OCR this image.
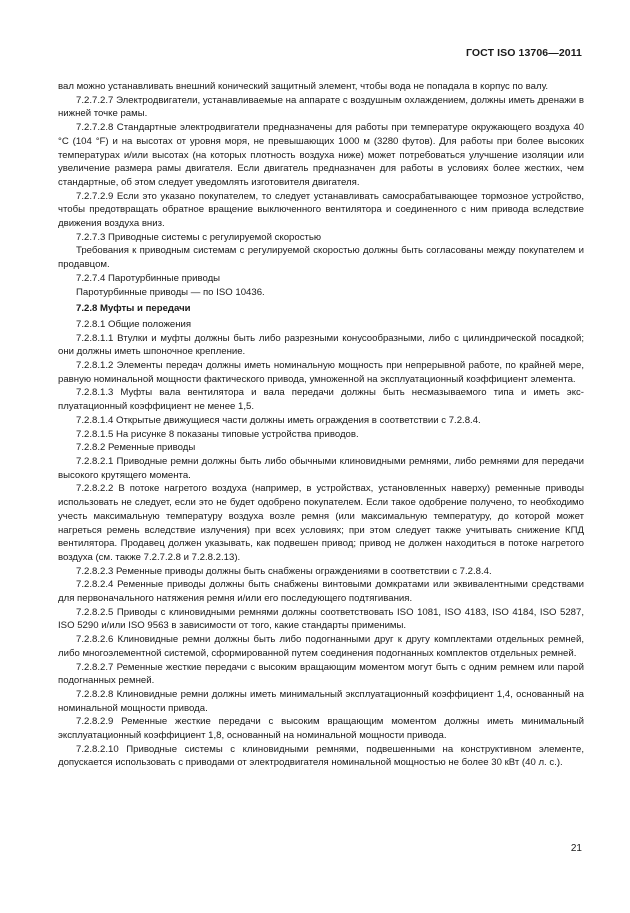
ГОСТ ISO 13706—2011

вал можно устанавливать внешний конический защитный элемент, чтобы вода не попадала в корпус по валу.

7.2.7.2.7 Электродвигатели, устанавливаемые на аппарате с воздушным охлаждением, должны иметь дренажи в нижней точке рамы.

7.2.7.2.8 Стандартные электродвигатели предназначены для работы при температуре окружающего воздуха 40 °С (104 °F) и на высотах от уровня моря, не превышающих 1000 м (3280 футов). Для работы при более высоких температурах и/или высотах (на которых плотность воздуха ниже) может потребоваться улучшение изоляции или увеличение размера рамы двигателя. Если двигатель предназначен для работы в условиях более жестких, чем стандартные, об этом следует уведомлять изготовителя двигателя.

7.2.7.2.9 Если это указано покупателем, то следует устанавливать самосрабатывающее тормозное устройство, чтобы предотвращать обратное вращение выключенного вентилятора и соединенного с ним привода вследствие движения воздуха вниз.

7.2.7.3 Приводные системы с регулируемой скоростью

Требования к приводным системам с регулируемой скоростью должны быть согласованы между покупателем и продавцом.

7.2.7.4 Паротурбинные приводы

Паротурбинные приводы — по ISO 10436.

7.2.8 Муфты и передачи

7.2.8.1 Общие положения

7.2.8.1.1 Втулки и муфты должны быть либо разрезными конусообразными, либо с цилиндрической посадкой; они должны иметь шпоночное крепление.

7.2.8.1.2 Элементы передач должны иметь номинальную мощность при непрерывной работе, по крайней мере, равную номинальной мощности фактического привода, умноженной на эксплуатационный коэффициент элемента.

7.2.8.1.3 Муфты вала вентилятора и вала передачи должны быть несмазываемого типа и иметь эксплуатационный коэффициент не менее 1,5.

7.2.8.1.4 Открытые движущиеся части должны иметь ограждения в соответствии с 7.2.8.4.

7.2.8.1.5 На рисунке 8 показаны типовые устройства приводов.

7.2.8.2 Ременные приводы

7.2.8.2.1 Приводные ремни должны быть либо обычными клиновидными ремнями, либо ремнями для передачи высокого крутящего момента.

7.2.8.2.2 В потоке нагретого воздуха (например, в устройствах, установленных наверху) ременные приводы использовать не следует, если это не будет одобрено покупателем. Если такое одобрение получено, то необходимо учесть максимальную температуру воздуха возле ремня (или максимальную температуру, до которой может нагреться ремень вследствие излучения) при всех условиях; при этом следует также учитывать снижение КПД вентилятора. Продавец должен указывать, как подвешен привод; привод не должен находиться в потоке нагретого воздуха (см. также 7.2.7.2.8 и 7.2.8.2.13).

7.2.8.2.3 Ременные приводы должны быть снабжены ограждениями в соответствии с 7.2.8.4.

7.2.8.2.4 Ременные приводы должны быть снабжены винтовыми домкратами или эквивалентными средствами для первоначального натяжения ремня и/или его последующего подтягивания.

7.2.8.2.5 Приводы с клиновидными ремнями должны соответствовать ISO 1081, ISO 4183, ISO 4184, ISO 5287, ISO 5290 и/или ISO 9563 в зависимости от того, какие стандарты применимы.

7.2.8.2.6 Клиновидные ремни должны быть либо подогнанными друг к другу комплектами отдельных ремней, либо многоэлементной системой, сформированной путем соединения подогнанных комплектов отдельных ремней.

7.2.8.2.7 Ременные жесткие передачи с высоким вращающим моментом могут быть с одним ремнем или парой подогнанных ремней.

7.2.8.2.8 Клиновидные ремни должны иметь минимальный эксплуатационный коэффициент 1,4, основанный на номинальной мощности привода.

7.2.8.2.9 Ременные жесткие передачи с высоким вращающим моментом должны иметь минимальный эксплуатационный коэффициент 1,8, основанный на номинальной мощности привода.

7.2.8.2.10 Приводные системы с клиновидными ремнями, подвешенными на конструктивном элементе, допускается использовать с приводами от электродвигателя номинальной мощностью не более 30 кВт (40 л. с.).

21
